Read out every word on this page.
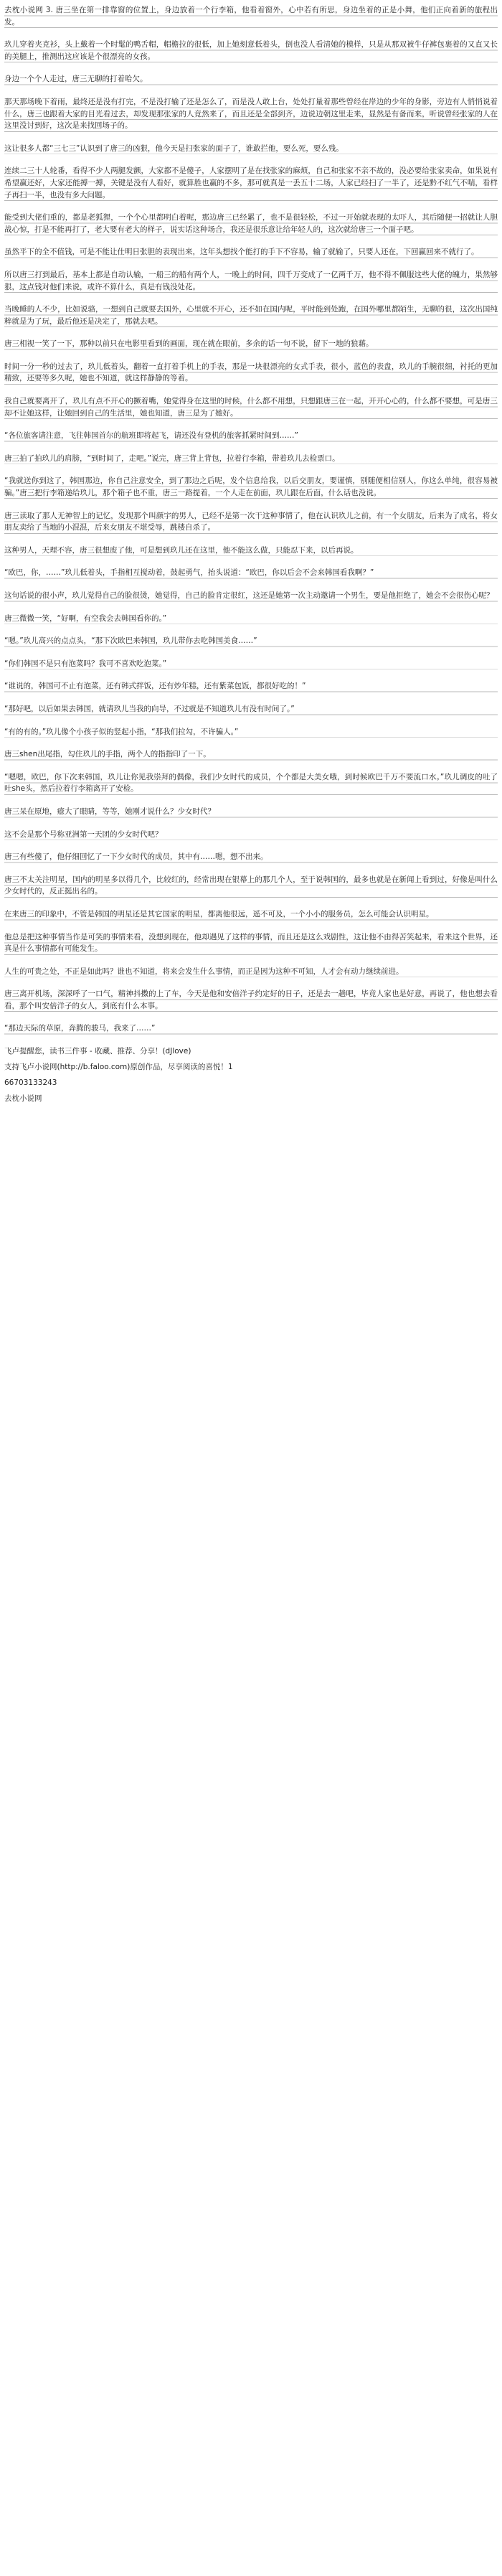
去枕小说网 3. 唐三坐在第一排靠窗的位置上，身边放着一个行李箱，他看着窗外，心中若有所思，身边坐着的正是小舞，他们正向着新的旅程出发。

玖儿穿着夹克衫，头上戴着一个时髦的鸭舌帽，帽檐拉的很低，加上她刻意低着头，倒也没人看清她的模样，只是从那双被牛仔裤包裹着的又直又长的美腿上，推测出这应该是个很漂亮的女孩。

身边一个个人走过，唐三无聊的打着哈欠。

那天那场晚下着雨，最终还是没有打完，不是没打输了还是怎么了，而是没人敢上台，处处打量着那些曾经在岸边的少年的身影，旁边有人悄悄说着什么，唐三也跟着大家的目光看过去，却发现那张家的人竟然来了，而且还是全部到齐，边说边朝这里走来，显然是有备而来，听说曾经张家的人在这里没讨到好，这次是来找回场子的。

这让很多人都“三七三”认识到了唐三的凶狠，他今天是扫张家的面子了，谁敢拦他，要么死，要么残。

连续二三十人轮番，看得不少人两腿发颤，大家都不是傻子，人家摆明了是在找张家的麻烦，自己和张家不亲不故的，没必要给张家卖命，如果说有希望赢还好，大家还能搏一搏，关键是没有人看好，就算胜也赢的不多，那可就真是一丢五十二场，人家已经扫了一半了，还是黔不红气不喘，看样子再扫一半，也没有多大问题。

能受到大佬们重的，都是老狐狸，一个个心里都明白着呢，那边唐三已经累了，也不是很轻松，不过一开始就表现的太吓人，其后随便一招就让人胆战心惊，打是不能再打了，老大要有老大的样子，说实话这种场合，我还是很乐意让给年轻人的，这次就给唐三一个面子吧。

虽然平下的全不值钱，可是不能让仕明日张胆的表现出来，这年头想找个能打的手下不容易，输了就输了，只要人还在，下回赢回来不就行了。

所以唐三打到最后，基本上都是自动认输，一船三的船有两个人，一晚上的时间，四千万变成了一亿两千万，他不得不佩服这些大佬的魄力，果然够狠，这点钱对他们来说，或许不算什么，真是有钱没处花。

当晚睡的人不少，比如说骆，一想到自己就要去国外，心里就不开心，还不如在国内呢，平时能到处跑，在国外哪里都陌生，无聊的很，这次出国纯粹就是为了玩，最后他还是决定了，那就去吧。

唐三相视一笑了一下，那种以前只在电影里看到的画面，现在就在眼前，多余的话一句不说，留下一地的狼藉。

时间一分一秒的过去了，玖儿低着头，翻着一直打着手机上的手表，那是一块很漂亮的女式手表，很小，蓝色的表盘，玖儿的手腕很细，衬托的更加精致，还要等多久呢，她也不知道，就这样静静的等着。

我自己就要离开了，玖儿有点不开心的撅着嘴，她觉得身在这里的时候，什么都不用想，只想跟唐三在一起，开开心心的，什么都不要想，可是唐三却不让她这样，让她回到自己的生活里，她也知道，唐三是为了她好。

“各位旅客请注意，飞往韩国首尔的航班即将起飞，请还没有登机的旅客抓紧时间到……”

唐三拍了拍玖儿的肩膀，“到时间了，走吧。”说完，唐三背上背包，拉着行李箱，带着玖儿去检票口。

“我就送你到这了，韩国那边，你自己注意安全，到了那边之后呢，发个信息给我，以后交朋友，要谨慎，别随便相信别人，你这么单纯，很容易被骗。”唐三把行李箱递给玖儿，那个箱子也不重，唐三一路提着，一个人走在前面，玖儿跟在后面，什么话也没说。

唐三读取了那人无神智上的记忆，发现那个叫颜宇的男人，已经不是第一次干这种事情了，他在认识玖儿之前，有一个女朋友，后来为了成名，将女朋友卖给了当地的小混混，后来女朋友不堪受辱，跳楼自杀了。

这种男人，天理不容，唐三很想废了他，可是想到玖儿还在这里，他不能这么做，只能忍下来，以后再说。

“欧巴，你，……”玖儿低着头，手指相互搅动着，鼓起勇气，抬头说道：“欧巴，你以后会不会来韩国看我啊？”

这句话说的很小声，玖儿觉得自己的脸很烫，她觉得，自己的脸肯定很红，这还是她第一次主动邀请一个男生，要是他拒绝了，她会不会很伤心呢？

唐三微微一笑，“好啊，有空我会去韩国看你的。”

“嗯。”玖儿高兴的点点头，“那下次欧巴来韩国，玖儿带你去吃韩国美食……”

“你们韩国不是只有泡菜吗？我可不喜欢吃泡菜。”

“谁说的，韩国可不止有泡菜，还有韩式拌饭，还有炒年糕，还有紫菜包饭，都很好吃的！”

“那好吧，以后如果去韩国，就请玖儿当我的向导，不过就是不知道玖儿有没有时间了。”

“有的有的。”玖儿像个小孩子似的竖起小指，“那我们拉勾，不许骗人。”

唐三shen出尾指，勾住玖儿的手指，两个人的指指印了一下。

“嗯嗯，欧巴，你下次来韩国，玖儿让你见我崇拜的偶像，我们少女时代的成员，个个都是大美女哦，到时候欧巴千万不要流口水。”玖儿调皮的吐了吐she头，然后拉着行李箱离开了安检。

唐三呆在原地，癔大了眼睛，等等，她刚才说什么？少女时代？

这不会是那个号称亚洲第一天团的少女时代吧？

唐三有些傻了，他仔细回忆了一下少女时代的成员，其中有……嗯，想不出来。

唐三不太关注明星，国内的明星多以得几个，比较红的，经常出现在银幕上的那几个人，至于说韩国的，最多也就是在新闻上看到过，好像是叫什么少女时代的，反正挺出名的。

在来唐三的印象中，不管是韩国的明星还是其它国家的明星，都离他很远，遥不可及，一个小小的服务员，怎么可能会认识明星。

他总是把这种事情当作是可笑的事情来看，没想到现在，他却遇见了这样的事情，而且还是这么戏剧性，这让他不由得苦笑起来，看来这个世界，还真是什么事情都有可能发生。

人生的可贵之处，不正是如此吗？谁也不知道，将来会发生什么事情，而正是因为这种不可知，人才会有动力继续前进。

唐三离开机场，深深呼了一口气，精神抖擞的上了车，今天是他和安倍洋子约定好的日子，还是去一趟吧，毕竟人家也是好意，再说了，他也想去看看，那个叫安倍洋子的女人，到底有什么本事。

“那边天际的草原，奔腾的骏马，我来了……”

飞卢提醒您，读书三件事 - 收藏、推荐、分享！(dJlove)
支持飞卢小说网(http://b.faloo.com)原创作品，尽享阅读的喜悦！1
66703133243
去枕小说网
